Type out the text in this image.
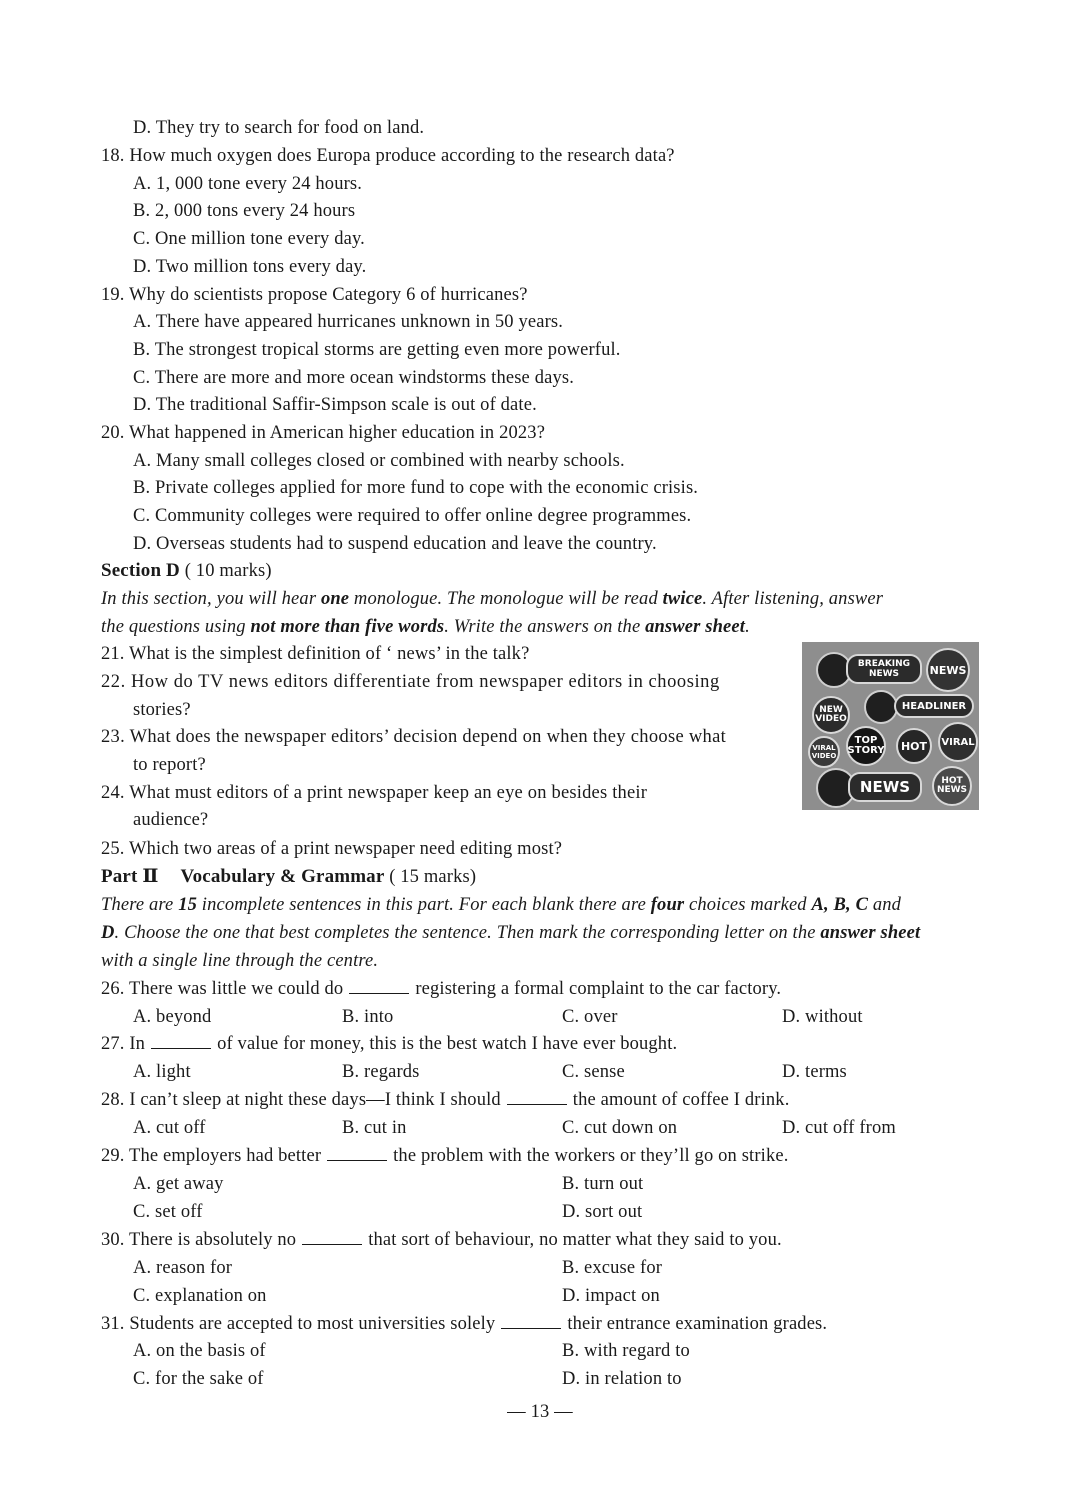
D. They try to search for food on land.
18. How much oxygen does Europa produce according to the research data?
A. 1, 000 tone every 24 hours.
B. 2, 000 tons every 24 hours
C. One million tone every day.
D. Two million tons every day.
19. Why do scientists propose Category 6 of hurricanes?
A. There have appeared hurricanes unknown in 50 years.
B. The strongest tropical storms are getting even more powerful.
C. There are more and more ocean windstorms these days.
D. The traditional Saffir-Simpson scale is out of date.
20. What happened in American higher education in 2023?
A. Many small colleges closed or combined with nearby schools.
B. Private colleges applied for more fund to cope with the economic crisis.
C. Community colleges were required to offer online degree programmes.
D. Overseas students had to suspend education and leave the country.
Section D ( 10 marks)
In this section, you will hear one monologue. The monologue will be read twice. After listening, answer
the questions using not more than five words. Write the answers on the answer sheet.
21. What is the simplest definition of ‘ news’ in the talk?
22. How do TV news editors differentiate from newspaper editors in choosing
stories?
23. What does the newspaper editors’ decision depend on when they choose what
to report?
24. What must editors of a print newspaper keep an eye on besides their
audience?
25. Which two areas of a print newspaper need editing most?
BREAKING NEWS	NEWS
NEW VIDEO
HEADLINER
VIRAL VIDEO
TOP STORY	HOT	VIRAL
NEWS	HOT NEWS
Part Ⅱ Vocabulary & Grammar ( 15 marks)
There are 15 incomplete sentences in this part. For each blank there are four choices marked A, B, C and
D. Choose the one that best completes the sentence. Then mark the corresponding letter on the answer sheet
with a single line through the centre.
26. There was little we could do	registering a formal complaint to the car factory.
A. beyond	B. into	C. over	D. without
27. In	of value for money, this is the best watch I have ever bought.
A. light	B. regards	C. sense	D. terms
28. I can’t sleep at night these days—I think I should	the amount of coffee I drink.
A. cut off	B. cut in	C. cut down on	D. cut off from
29. The employers had better	the problem with the workers or they’ll go on strike.
A. get away	B. turn out
C. set off	D. sort out
30. There is absolutely no	that sort of behaviour, no matter what they said to you.
A. reason for	B. excuse for
C. explanation on	D. impact on
31. Students are accepted to most universities solely	their entrance examination grades.
A. on the basis of	B. with regard to
C. for the sake of	D. in relation to
— 13 —
